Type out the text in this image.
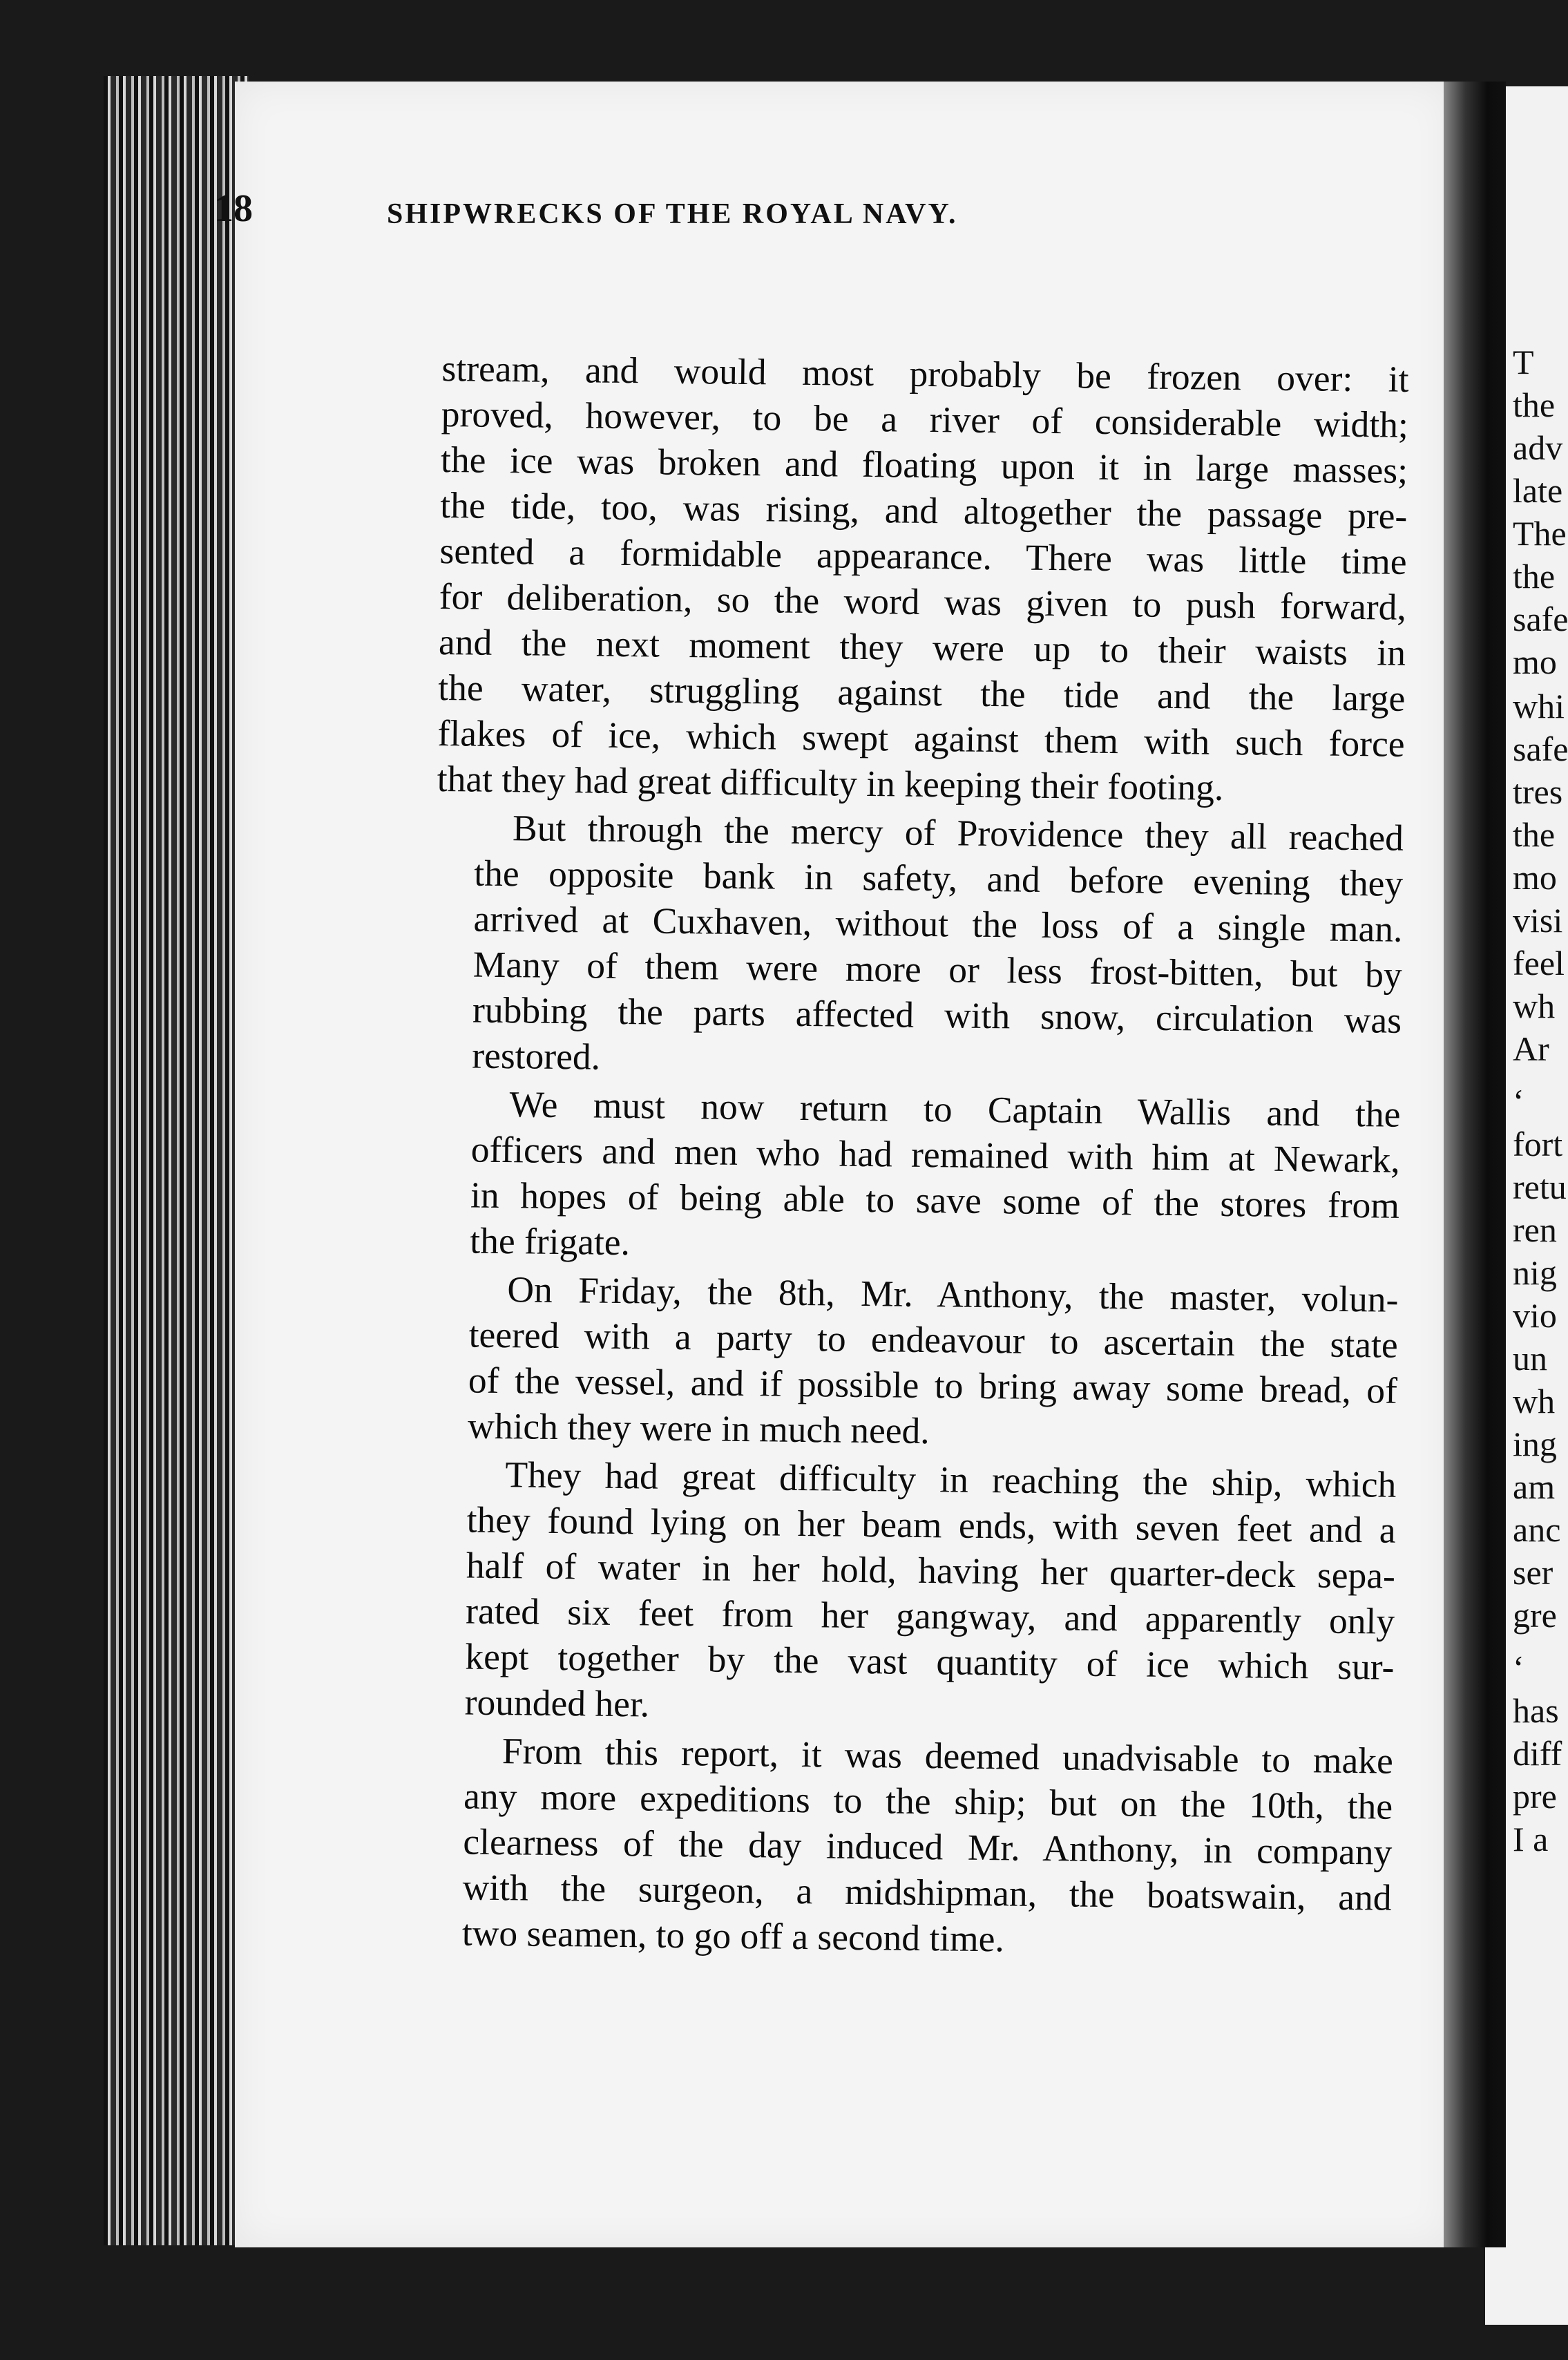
T
the
adv
late
The
the
safe
mo
whi
safe
tres
the
mo
visi
feel
wh
Ar
‘
fort
retu
ren
nig
vio
un
wh
ing
am
anc
ser
gre
‘
has
diff
pre
I a
18	SHIPWRECKS OF THE ROYAL NAVY.
stream, and would most probably be frozen over: it
proved, however, to be a river of considerable width;
the ice was broken and floating upon it in large masses;
the tide, too, was rising, and altogether the passage pre-
sented a formidable appearance. There was little time
for deliberation, so the word was given to push forward,
and the next moment they were up to their waists in
the water, struggling against the tide and the large
flakes of ice, which swept against them with such force
that they had great difficulty in keeping their footing.
But through the mercy of Providence they all reached
the opposite bank in safety, and before evening they
arrived at Cuxhaven, without the loss of a single man.
Many of them were more or less frost-bitten, but by
rubbing the parts affected with snow, circulation was
restored.
We must now return to Captain Wallis and the
officers and men who had remained with him at Newark,
in hopes of being able to save some of the stores from
the frigate.
On Friday, the 8th, Mr. Anthony, the master, volun-
teered with a party to endeavour to ascertain the state
of the vessel, and if possible to bring away some bread, of
which they were in much need.
They had great difficulty in reaching the ship, which
they found lying on her beam ends, with seven feet and a
half of water in her hold, having her quarter-deck sepa-
rated six feet from her gangway, and apparently only
kept together by the vast quantity of ice which sur-
rounded her.
From this report, it was deemed unadvisable to make
any more expeditions to the ship; but on the 10th, the
clearness of the day induced Mr. Anthony, in company
with the surgeon, a midshipman, the boatswain, and
two seamen, to go off a second time.
